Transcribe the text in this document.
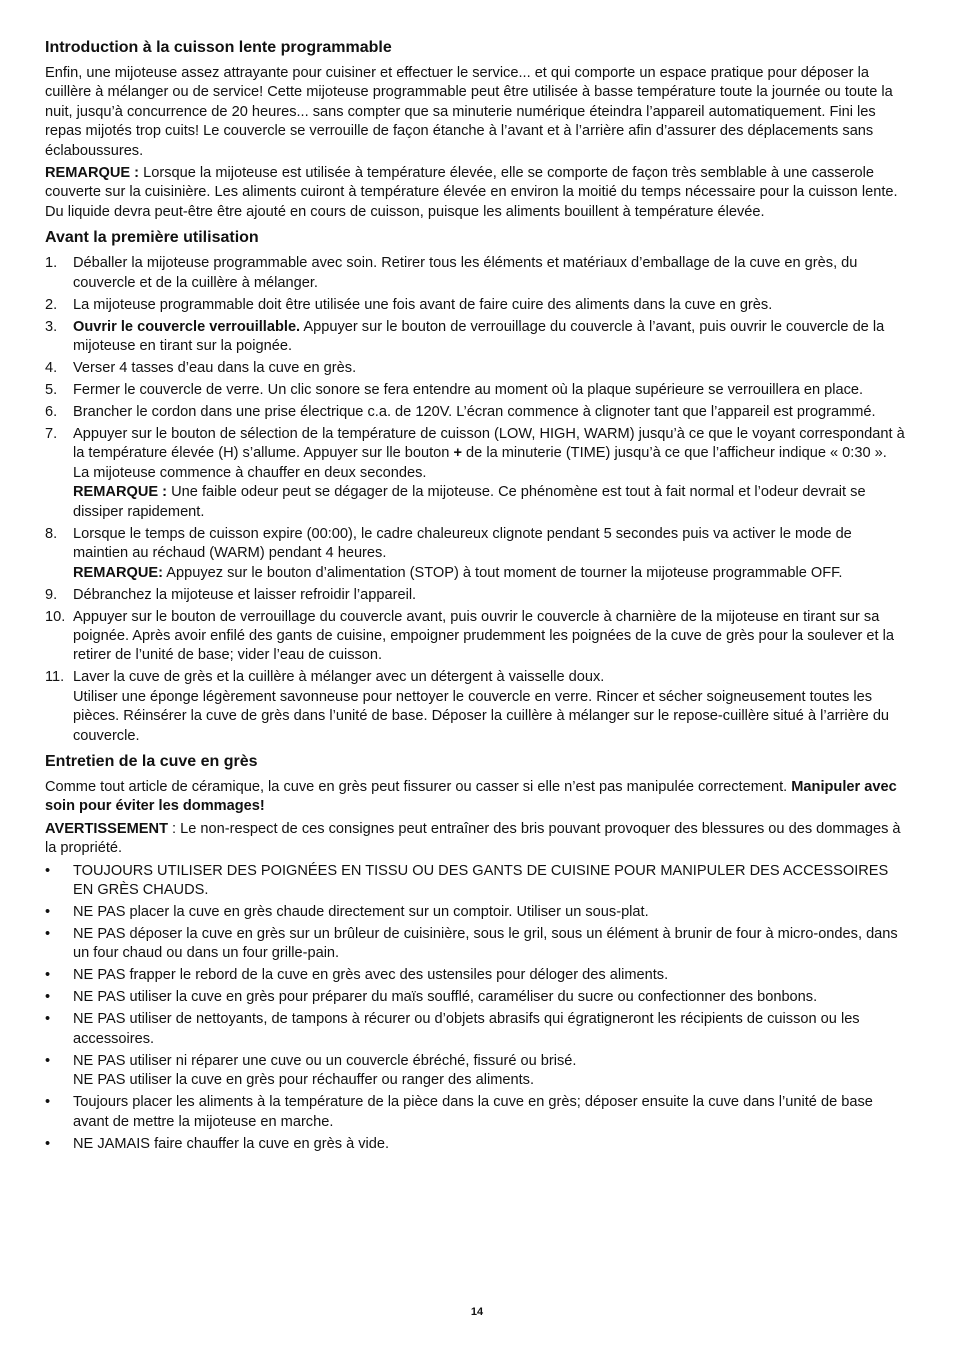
Introduction à la cuisson lente programmable

Enfin, une mijoteuse assez attrayante pour cuisiner et effectuer le service... et qui comporte un espace pratique pour déposer la cuillère à mélanger ou de service! Cette mijoteuse programmable peut être utilisée à basse température toute la journée ou toute la nuit, jusqu’à concurrence de 20 heures... sans compter que sa minuterie numérique éteindra l’appareil automatiquement. Fini les repas mijotés trop cuits! Le couvercle se verrouille de façon étanche à l’avant et à l’arrière afin d’assurer des déplacements sans éclaboussures.

REMARQUE : Lorsque la mijoteuse est utilisée à température élevée, elle se comporte de façon très semblable à une casserole couverte sur la cuisinière. Les aliments cuiront à température élevée en environ la moitié du temps nécessaire pour la cuisson lente. Du liquide devra peut-être être ajouté en cours de cuisson, puisque les aliments bouillent à température élevée.

Avant la première utilisation
1.	Déballer la mijoteuse programmable avec soin. Retirer tous les éléments et matériaux d’emballage de la cuve en grès, du couvercle et de la cuillère à mélanger.
2.	La mijoteuse programmable doit être utilisée une fois avant de faire cuire des aliments dans la cuve en grès.
3.	Ouvrir le couvercle verrouillable. Appuyer sur le bouton de verrouillage du couvercle à l’avant, puis ouvrir le couvercle de la mijoteuse en tirant sur la poignée.
4.	Verser 4 tasses d’eau dans la cuve en grès.
5.	Fermer le couvercle de verre. Un clic sonore se fera entendre au moment où la plaque supérieure se verrouillera en place.
6.	Brancher le cordon dans une prise électrique c.a. de 120V. L’écran commence à clignoter tant que l’appareil est programmé.
7.	Appuyer sur le bouton de sélection de la température de cuisson (LOW, HIGH, WARM) jusqu’à ce que le voyant correspondant à la température élevée (H) s’allume. Appuyer sur lle bouton + de la minuterie (TIME) jusqu’à ce que l’afficheur indique « 0:30 ». La mijoteuse commence à chauffer en deux secondes.
REMARQUE : Une faible odeur peut se dégager de la mijoteuse. Ce phénomène est tout à fait normal et l’odeur devrait se dissiper rapidement.
8.	Lorsque le temps de cuisson expire (00:00), le cadre chaleureux clignote pendant 5 secondes puis va activer le mode de maintien au réchaud (WARM) pendant 4 heures.
REMARQUE: Appuyez sur le bouton d’alimentation (STOP) à tout moment de tourner la mijoteuse programmable OFF.
9.	Débranchez la mijoteuse et laisser refroidir l’appareil.
10. Appuyer sur le bouton de verrouillage du couvercle avant, puis ouvrir le couvercle à charnière de la mijoteuse en tirant sur sa poignée. Après avoir enfilé des gants de cuisine, empoigner prudemment les poignées de la cuve de grès pour la soulever et la retirer de l’unité de base; vider l’eau de cuisson.
11. Laver la cuve de grès et la cuillère à mélanger avec un détergent à vaisselle doux.
Utiliser une éponge légèrement savonneuse pour nettoyer le couvercle en verre. Rincer et sécher soigneusement toutes les pièces. Réinsérer la cuve de grès dans l’unité de base. Déposer la cuillère à mélanger sur le repose-cuillère situé à l’arrière du couvercle.
Entretien de la cuve en grès

Comme tout article de céramique, la cuve en grès peut fissurer ou casser si elle n’est pas manipulée correctement. Manipuler avec soin pour éviter les dommages!

AVERTISSEMENT : Le non-respect de ces consignes peut entraîner des bris pouvant provoquer des blessures ou des dommages à la propriété.

•	TOUJOURS UTILISER DES POIGNÉES EN TISSU OU DES GANTS DE CUISINE POUR MANIPULER DES ACCESSOIRES EN GRÈS CHAUDS.
•	NE PAS placer la cuve en grès chaude directement sur un comptoir. Utiliser un sous-plat.
•	NE PAS déposer la cuve en grès sur un brûleur de cuisinière, sous le gril, sous un élément à brunir de four à micro-ondes, dans un four chaud ou dans un four grille-pain.
•	NE PAS frapper le rebord de la cuve en grès avec des ustensiles pour déloger des aliments.
•	NE PAS utiliser la cuve en grès pour préparer du maïs soufflé, caraméliser du sucre ou confectionner des bonbons.
•	NE PAS utiliser de nettoyants, de tampons à récurer ou d’objets abrasifs qui égratigneront les récipients de cuisson ou les accessoires.
•	NE PAS utiliser ni réparer une cuve ou un couvercle ébréché, fissuré ou brisé.
NE PAS utiliser la cuve en grès pour réchauffer ou ranger des aliments.
•	Toujours placer les aliments à la température de la pièce dans la cuve en grès; déposer ensuite la cuve dans l’unité de base avant de mettre la mijoteuse en marche.
•	NE JAMAIS faire chauffer la cuve en grès à vide.
14
